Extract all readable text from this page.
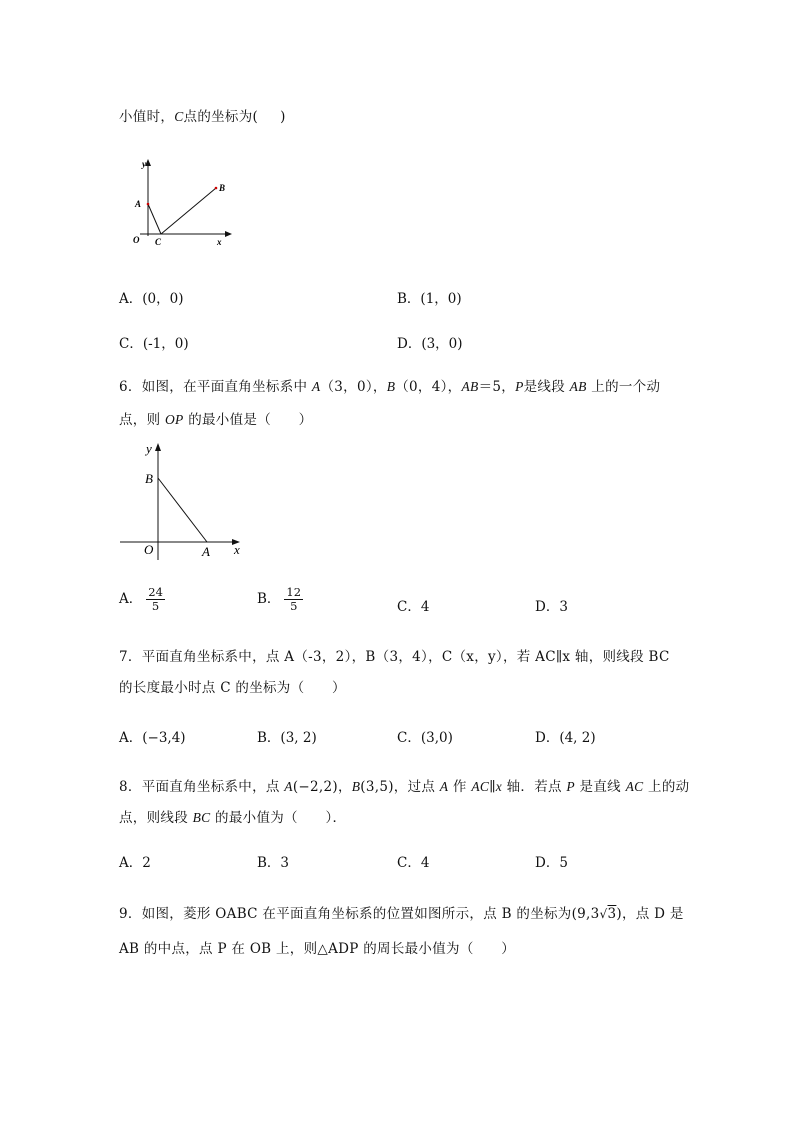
小值时，C点的坐标为( )
y
A
B
O C	x
A．(0，0)	B．(1，0)
C．(-1，0)	D．(3，0)
6．如图，在平面直角坐标系中 A（3，0），B（0，4），AB＝5，P是线段 AB 上的一个动
点，则 OP 的最小值是（　　）
y
B
O	A x
A． $\frac{24}{5}$	B． $\frac{12}{5}$	C．4	D．3
7．平面直角坐标系中，点 A（-3，2），B（3，4），C（x，y），若 AC∥x 轴，则线段 BC
的长度最小时点 C 的坐标为（　　）
A．(−3,4)	B．(3, 2)	C．(3,0)	D．(4, 2)
8．平面直角坐标系中，点 A(−2,2)，B(3,5)，过点 A 作 AC∥x 轴．若点 P 是直线 AC 上的动
点，则线段 BC 的最小值为（　　）．
A．2	B．3	C．4	D．5
9．如图，菱形 OABC 在平面直角坐标系的位置如图所示，点 B 的坐标为(9,3√3)，点 D 是
AB 的中点，点 P 在 OB 上，则△ADP 的周长最小值为（　　）
